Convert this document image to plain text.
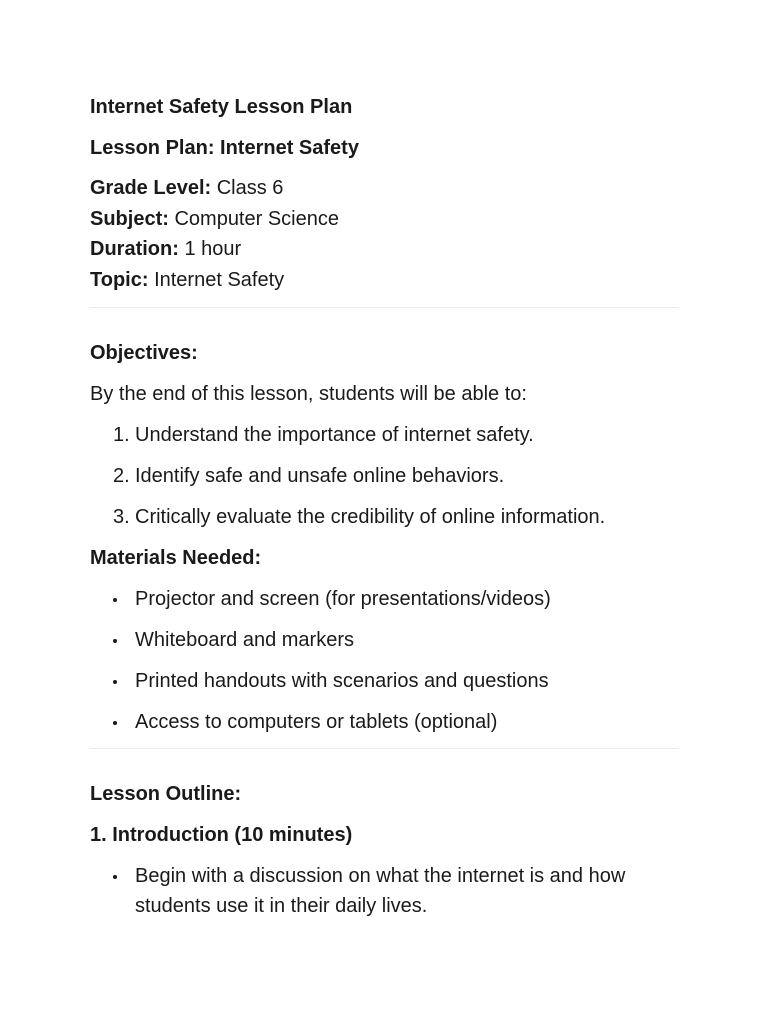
Internet Safety Lesson Plan

Lesson Plan: Internet Safety

Grade Level: Class 6

Subject: Computer Science

Duration: 1 hour

Topic: Internet Safety

Objectives:

By the end of this lesson, students will be able to:

1. Understand the importance of internet safety.
2. Identify safe and unsafe online behaviors.
3. Critically evaluate the credibility of online information.

Materials Needed:

Projector and screen (for presentations/videos)
Whiteboard and markers
Printed handouts with scenarios and questions
Access to computers or tablets (optional)

Lesson Outline:

1. Introduction (10 minutes)

Begin with a discussion on what the internet is and how students use it in their daily lives.
